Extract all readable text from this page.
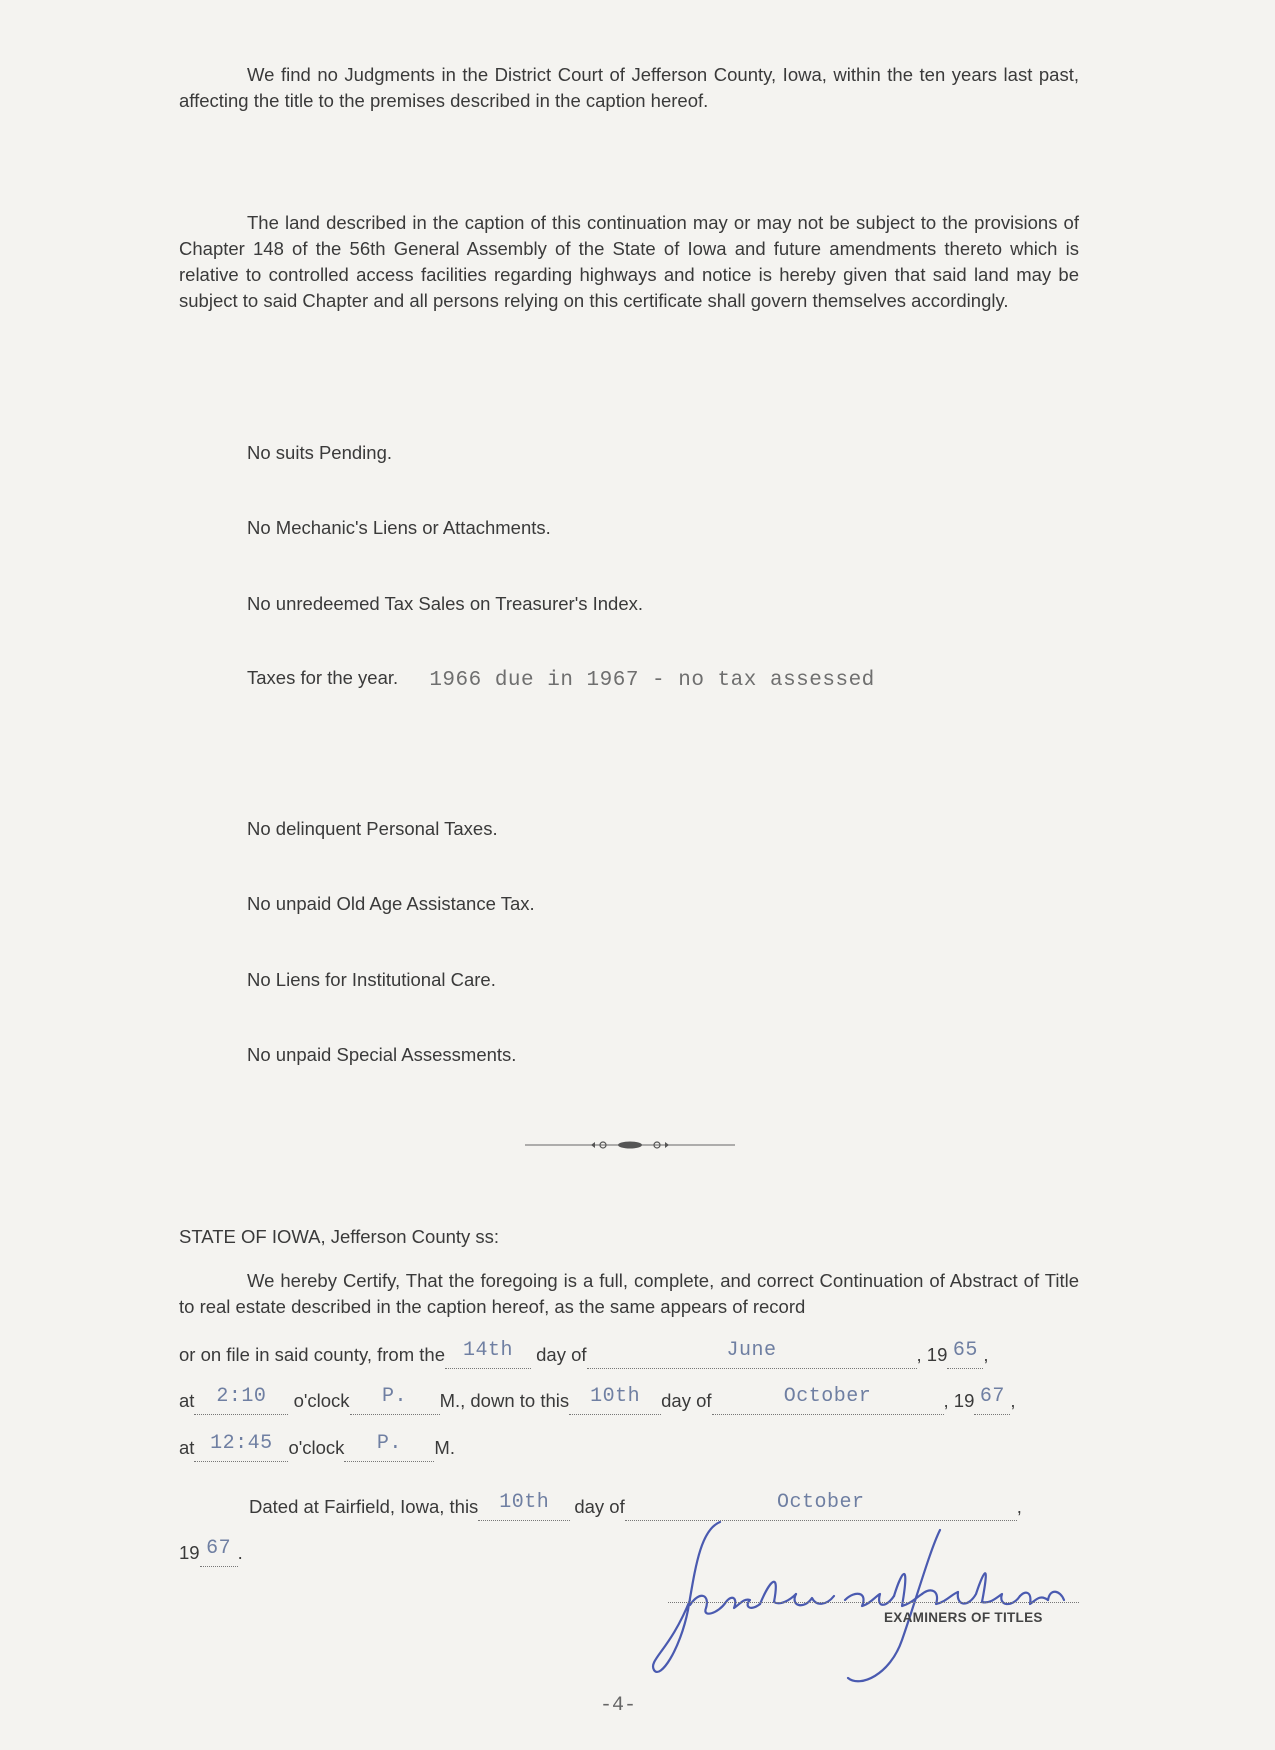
We find no Judgments in the District Court of Jefferson County, Iowa, within the ten years last past, affecting the title to the premises described in the caption hereof.

The land described in the caption of this continuation may or may not be subject to the provisions of Chapter 148 of the 56th General Assembly of the State of Iowa and future amendments thereto which is relative to controlled access facilities regarding highways and notice is hereby given that said land may be subject to said Chapter and all persons relying on this certificate shall govern themselves accordingly.

No suits Pending.
No Mechanic's Liens or Attachments.
No unredeemed Tax Sales on Treasurer's Index.
Taxes for the year. 1966 due in 1967 - no tax assessed
No delinquent Personal Taxes.
No unpaid Old Age Assistance Tax.
No Liens for Institutional Care.
No unpaid Special Assessments.
STATE OF IOWA, Jefferson County ss:

We hereby Certify, That the foregoing is a full, complete, and correct Continuation of Abstract of Title to real estate described in the caption hereof, as the same appears of record

or on file in said county, from the 14th day of	June	, 19 65 ,
at 2:10 o'clock P. M., down to this 10th day of	October	, 19 67 ,
at 12:45 o'clock P. M.
Dated at Fairfield, Iowa, this 10th day of	October	,
19 67 .
EXAMINERS OF TITLES
-4-
